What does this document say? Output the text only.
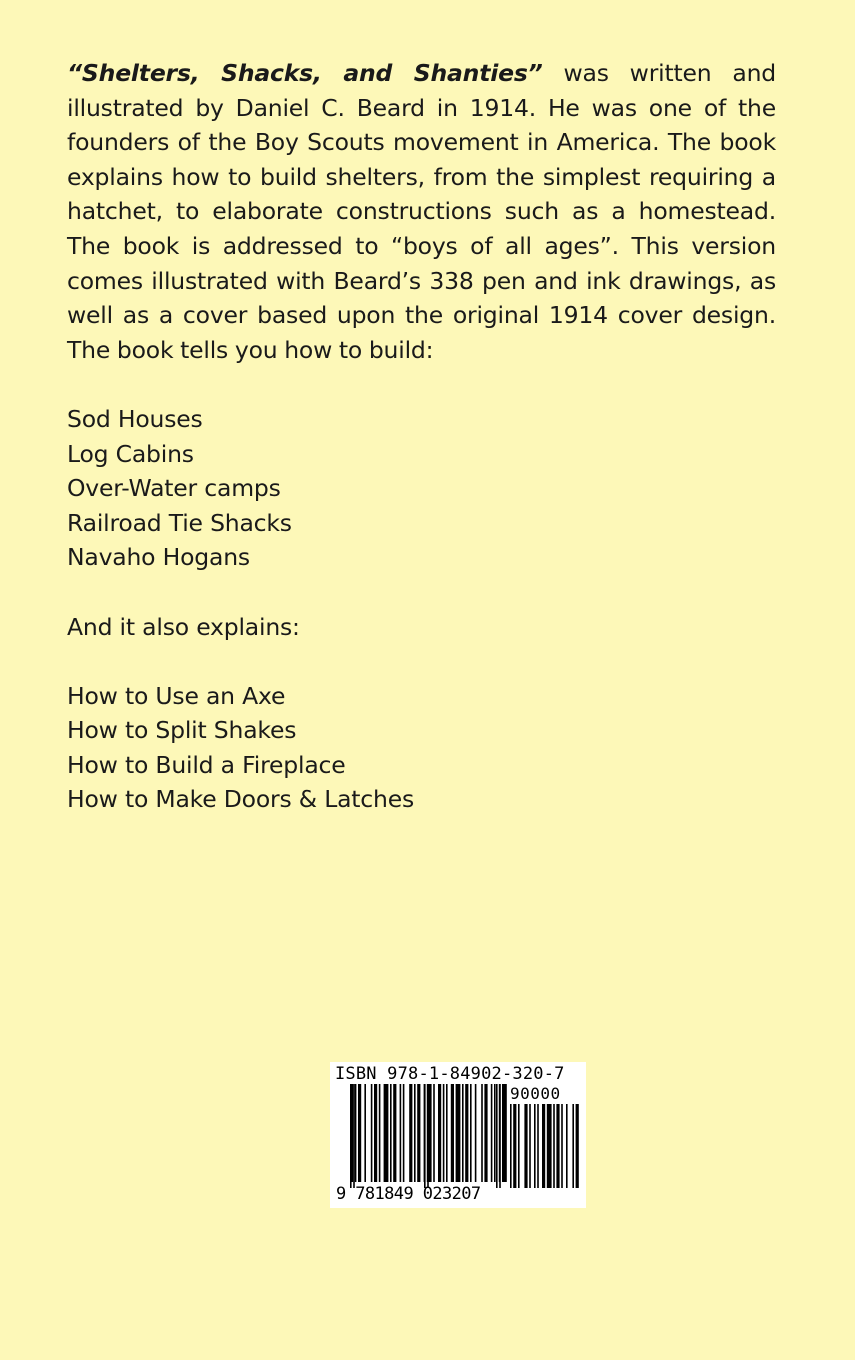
“Shelters, Shacks, and Shanties” was written and illustrated by Daniel C. Beard in 1914. He was one of the founders of the Boy Scouts movement in America. The book explains how to build shelters, from the simplest requiring a hatchet, to elaborate constructions such as a homestead. The book is addressed to “boys of all ages”. This version comes illustrated with Beard’s 338 pen and ink drawings, as well as a cover based upon the original 1914 cover design. The book tells you how to build:

Sod Houses
Log Cabins
Over-Water camps
Railroad Tie Shacks
Navaho Hogans

And it also explains:

How to Use an Axe
How to Split Shakes
How to Build a Fireplace
How to Make Doors & Latches
ISBN 978-1-84902-320-7
90000
9 781849 023207
